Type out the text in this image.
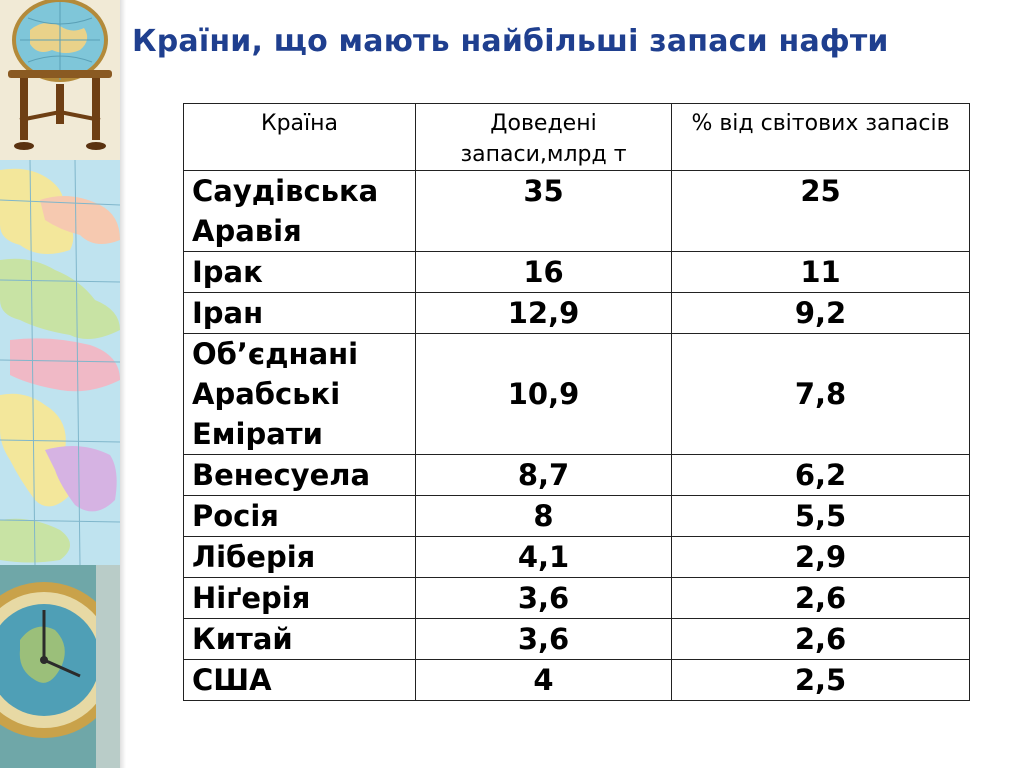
Країни, що мають найбільші запаси нафти
Країна	Доведені запаси,млрд т	% від світових запасів
Саудівська Аравія	35	25
Ірак	16	11
Іран	12,9	9,2
Об’єднані Арабські Емірати	10,9	7,8
Венесуела	8,7	6,2
Росія	8	5,5
Ліберія	4,1	2,9
Ніґерія	3,6	2,6
Китай	3,6	2,6
США	4	2,5
